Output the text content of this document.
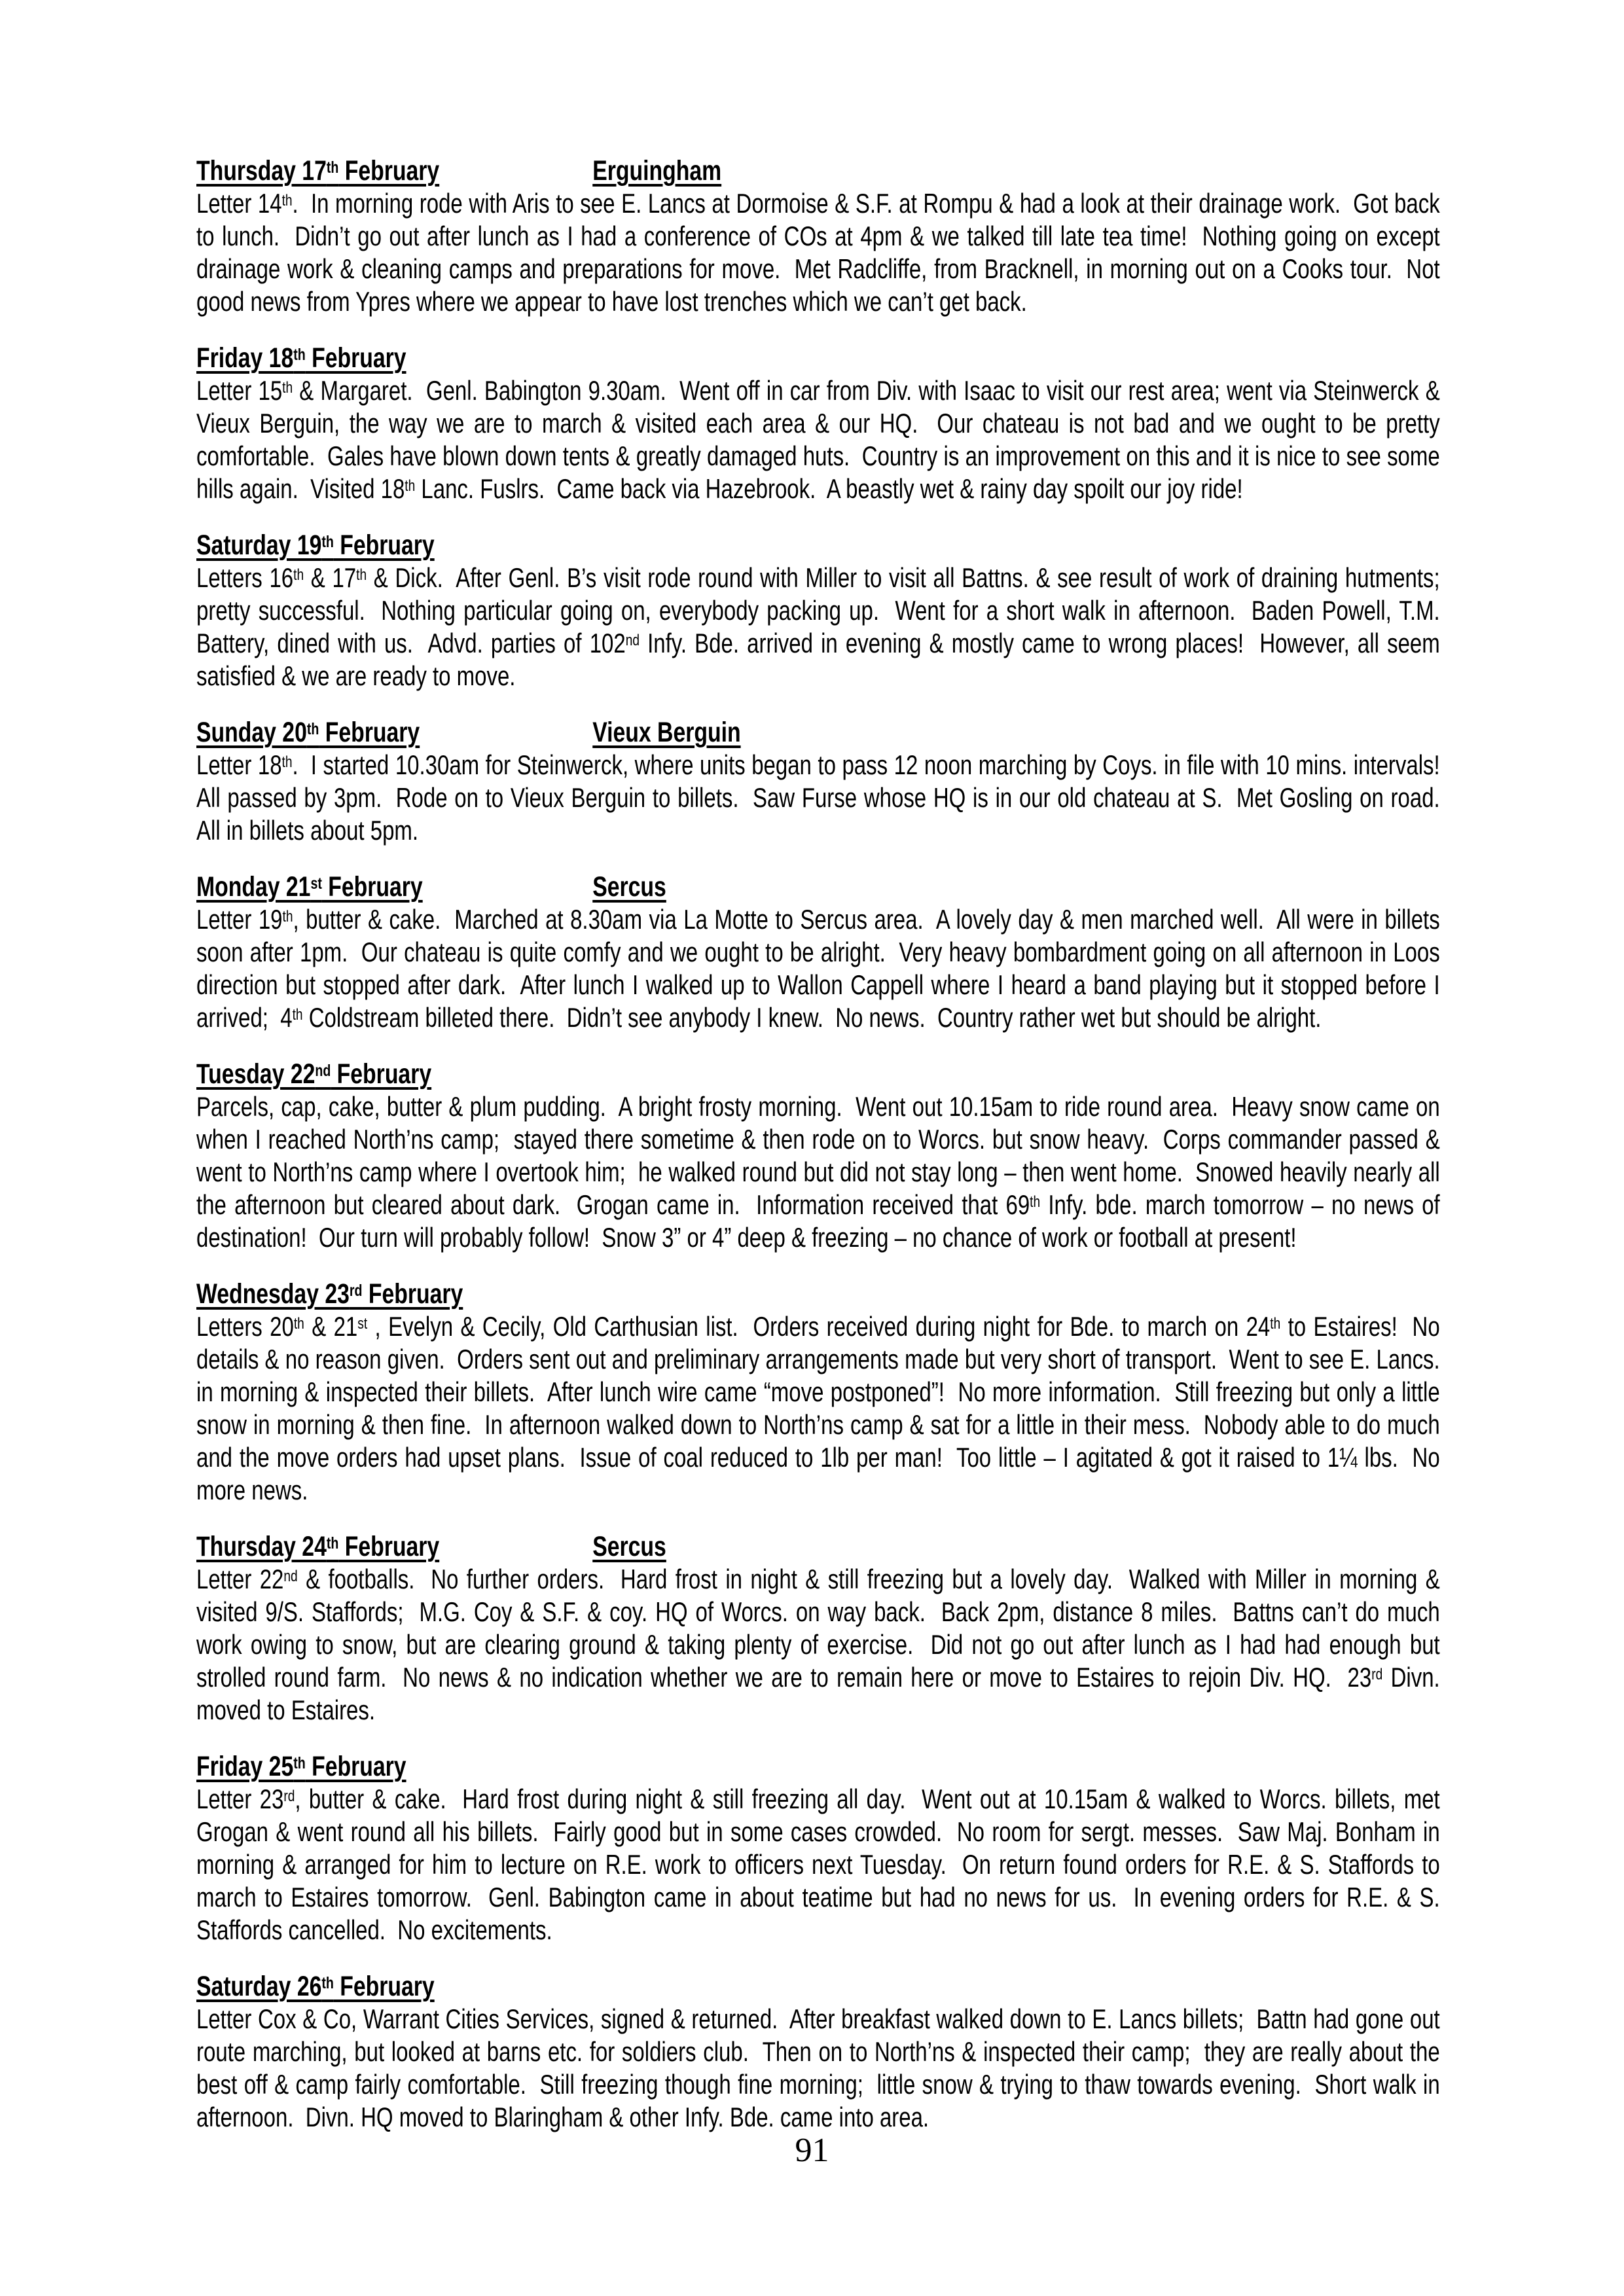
Thursday 17th February	Erguingham

Letter 14th.  In morning rode with Aris to see E. Lancs at Dormoise & S.F. at Rompu & had a look at their drainage work.  Got back to lunch.  Didn’t go out after lunch as I had a conference of COs at 4pm & we talked till late tea time!  Nothing going on except drainage work & cleaning camps and preparations for move.  Met Radcliffe, from Bracknell, in morning out on a Cooks tour.  Not good news from Ypres where we appear to have lost trenches which we can’t get back.

Friday 18th February

Letter 15th & Margaret.  Genl. Babington 9.30am.  Went off in car from Div. with Isaac to visit our rest area; went via Steinwerck & Vieux Berguin, the way we are to march & visited each area & our HQ.  Our chateau is not bad and we ought to be pretty comfortable.  Gales have blown down tents & greatly damaged huts.  Country is an improvement on this and it is nice to see some hills again.  Visited 18th Lanc. Fuslrs.  Came back via Hazebrook.  A beastly wet & rainy day spoilt our joy ride!

Saturday 19th February

Letters 16th & 17th & Dick.  After Genl. B’s visit rode round with Miller to visit all Battns. & see result of work of draining hutments; pretty successful.  Nothing particular going on, everybody packing up.  Went for a short walk in afternoon.  Baden Powell, T.M. Battery, dined with us.  Advd. parties of 102nd Infy. Bde. arrived in evening & mostly came to wrong places!  However, all seem satisfied & we are ready to move.

Sunday 20th February	Vieux Berguin

Letter 18th.  I started 10.30am for Steinwerck, where units began to pass 12 noon marching by Coys. in file with 10 mins. intervals!  All passed by 3pm.  Rode on to Vieux Berguin to billets.  Saw Furse whose HQ is in our old chateau at S.  Met Gosling on road.  All in billets about 5pm.

Monday 21st February	Sercus

Letter 19th, butter & cake.  Marched at 8.30am via La Motte to Sercus area.  A lovely day & men marched well.  All were in billets soon after 1pm.  Our chateau is quite comfy and we ought to be alright.  Very heavy bombardment going on all afternoon in Loos direction but stopped after dark.  After lunch I walked up to Wallon Cappell where I heard a band playing but it stopped before I arrived;  4th Coldstream billeted there.  Didn’t see anybody I knew.  No news.  Country rather wet but should be alright.

Tuesday 22nd February

Parcels, cap, cake, butter & plum pudding.  A bright frosty morning.  Went out 10.15am to ride round area.  Heavy snow came on when I reached North’ns camp;  stayed there sometime & then rode on to Worcs. but snow heavy.  Corps commander passed & went to North’ns camp where I overtook him;  he walked round but did not stay long – then went home.  Snowed heavily nearly all the afternoon but cleared about dark.  Grogan came in.  Information received that 69th Infy. bde. march tomorrow – no news of destination!  Our turn will probably follow!  Snow 3” or 4” deep & freezing – no chance of work or football at present!

Wednesday 23rd February

Letters 20th & 21st , Evelyn & Cecily, Old Carthusian list.  Orders received during night for Bde. to march on 24th to Estaires!  No details & no reason given.  Orders sent out and preliminary arrangements made but very short of transport.  Went to see E. Lancs. in morning & inspected their billets.  After lunch wire came “move postponed”!  No more information.  Still freezing but only a little snow in morning & then fine.  In afternoon walked down to North’ns camp & sat for a little in their mess.  Nobody able to do much and the move orders had upset plans.  Issue of coal reduced to 1lb per man!  Too little – I agitated & got it raised to 1¼ lbs.  No more news.

Thursday 24th February	Sercus

Letter 22nd & footballs.  No further orders.  Hard frost in night & still freezing but a lovely day.  Walked with Miller in morning & visited 9/S. Staffords;  M.G. Coy & S.F. & coy. HQ of Worcs. on way back.  Back 2pm, distance 8 miles.  Battns can’t do much work owing to snow, but are clearing ground & taking plenty of exercise.  Did not go out after lunch as I had had enough but strolled round farm.  No news & no indication whether we are to remain here or move to Estaires to rejoin Div. HQ.  23rd Divn. moved to Estaires.

Friday 25th February

Letter 23rd, butter & cake.  Hard frost during night & still freezing all day.  Went out at 10.15am & walked to Worcs. billets, met Grogan & went round all his billets.  Fairly good but in some cases crowded.  No room for sergt. messes.  Saw Maj. Bonham in morning & arranged for him to lecture on R.E. work to officers next Tuesday.  On return found orders for R.E. & S. Staffords to march to Estaires tomorrow.  Genl. Babington came in about teatime but had no news for us.  In evening orders for R.E. & S. Staffords cancelled.  No excitements.

Saturday 26th February

Letter Cox & Co, Warrant Cities Services, signed & returned.  After breakfast walked down to E. Lancs billets;  Battn had gone out route marching, but looked at barns etc. for soldiers club.  Then on to North’ns & inspected their camp;  they are really about the best off & camp fairly comfortable.  Still freezing though fine morning;  little snow & trying to thaw towards evening.  Short walk in afternoon.  Divn. HQ moved to Blaringham & other Infy. Bde. came into area.

91
